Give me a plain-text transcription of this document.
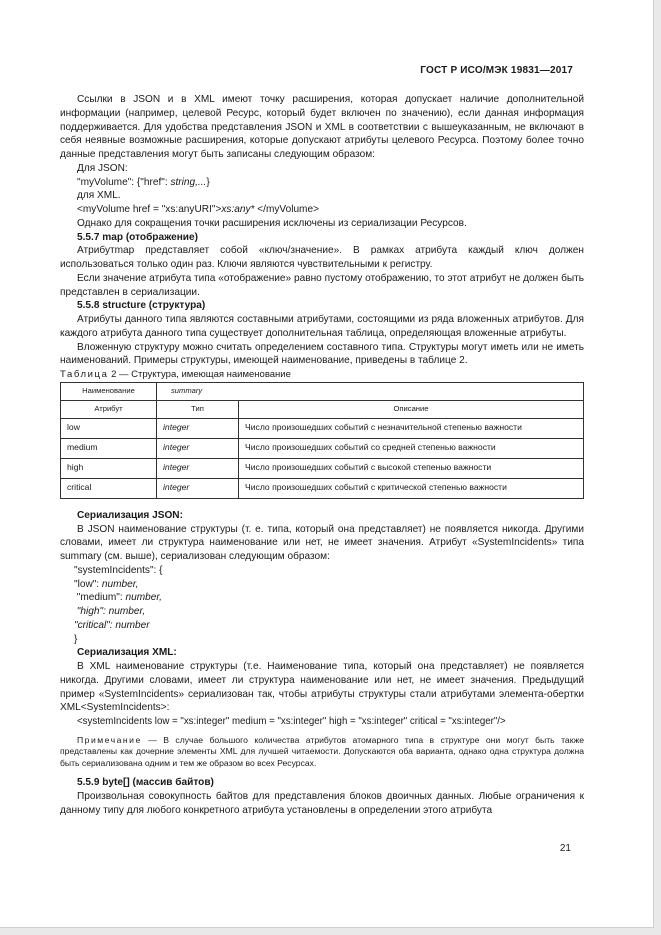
ГОСТ Р ИСО/МЭК 19831—2017

Ссылки в JSON и в XML имеют точку расширения, которая допускает наличие дополнительной информации (например, целевой Ресурс, который будет включен по значению), если данная информация поддерживается. Для удобства представления JSON и XML в соответствии с вышеуказанным, не включают в себя неявные возможные расширения, которые допускают атрибуты целевого Ресурса. Поэтому более точно данные представления могут быть записаны следующим образом:

Для JSON:

"myVolume": {"href": string,...}

для XML.

<myVolume href = "xs:anyURI">xs:any* </myVolume>

Однако для сокращения точки расширения исключены из сериализации Ресурсов.

5.5.7 map (отображение)

Атрибутmap представляет собой «ключ/значение». В рамках атрибута каждый ключ должен использоваться только один раз. Ключи являются чувствительными к регистру.

Если значение атрибута типа «отображение» равно пустому отображению, то этот атрибут не должен быть представлен в сериализации.

5.5.8 structure (структура)

Атрибуты данного типа являются составными атрибутами, состоящими из ряда вложенных атрибутов. Для каждого атрибута данного типа существует дополнительная таблица, определяющая вложенные атрибуты.

Вложенную структуру можно считать определением составного типа. Структуры могут иметь или не иметь наименований. Примеры структуры, имеющей наименование, приведены в таблице 2.

Таблица 2 — Структура, имеющая наименование

Наименование	summary	
Атрибут	Тип	Описание
low	integer	Число произошедших событий с незначительной степенью важности
medium	integer	Число произошедших событий со средней степенью важности
high	integer	Число произошедших событий с высокой степенью важности
critical	integer	Число произошедших событий с критической степенью важности

Сериализация JSON:

В JSON наименование структуры (т. е. типа, который она представляет) не появляется никогда. Другими словами, имеет ли структура наименование или нет, не имеет значения. Атрибут «SystemIncidents» типа summary (см. выше), сериализован следующим образом:

"systemIncidents": {

"low": number,

"medium": number,

"high": number,

"critical": number

}

Сериализация XML:

В XML наименование структуры (т.е. Наименование типа, который она представляет) не появляется никогда. Другими словами, имеет ли структура наименование или нет, не имеет значения. Предыдущий пример «SystemIncidents» сериализован так, чтобы атрибуты структуры стали атрибутами элемента-обертки XML<SystemIncidents>:

<systemIncidents low = "xs:integer" medium = "xs:integer" high = "xs:integer" critical = "xs:integer"/>

Примечание — В случае большого количества атрибутов атомарного типа в структуре они могут быть также представлены как дочерние элементы XML для лучшей читаемости. Допускаются оба варианта, однако одна структура должна быть сериализована одним и тем же образом во всех Ресурсах.

5.5.9 byte[] (массив байтов)

Произвольная совокупность байтов для представления блоков двоичных данных. Любые ограничения к данному типу для любого конкретного атрибута установлены в определении этого атрибута

21
